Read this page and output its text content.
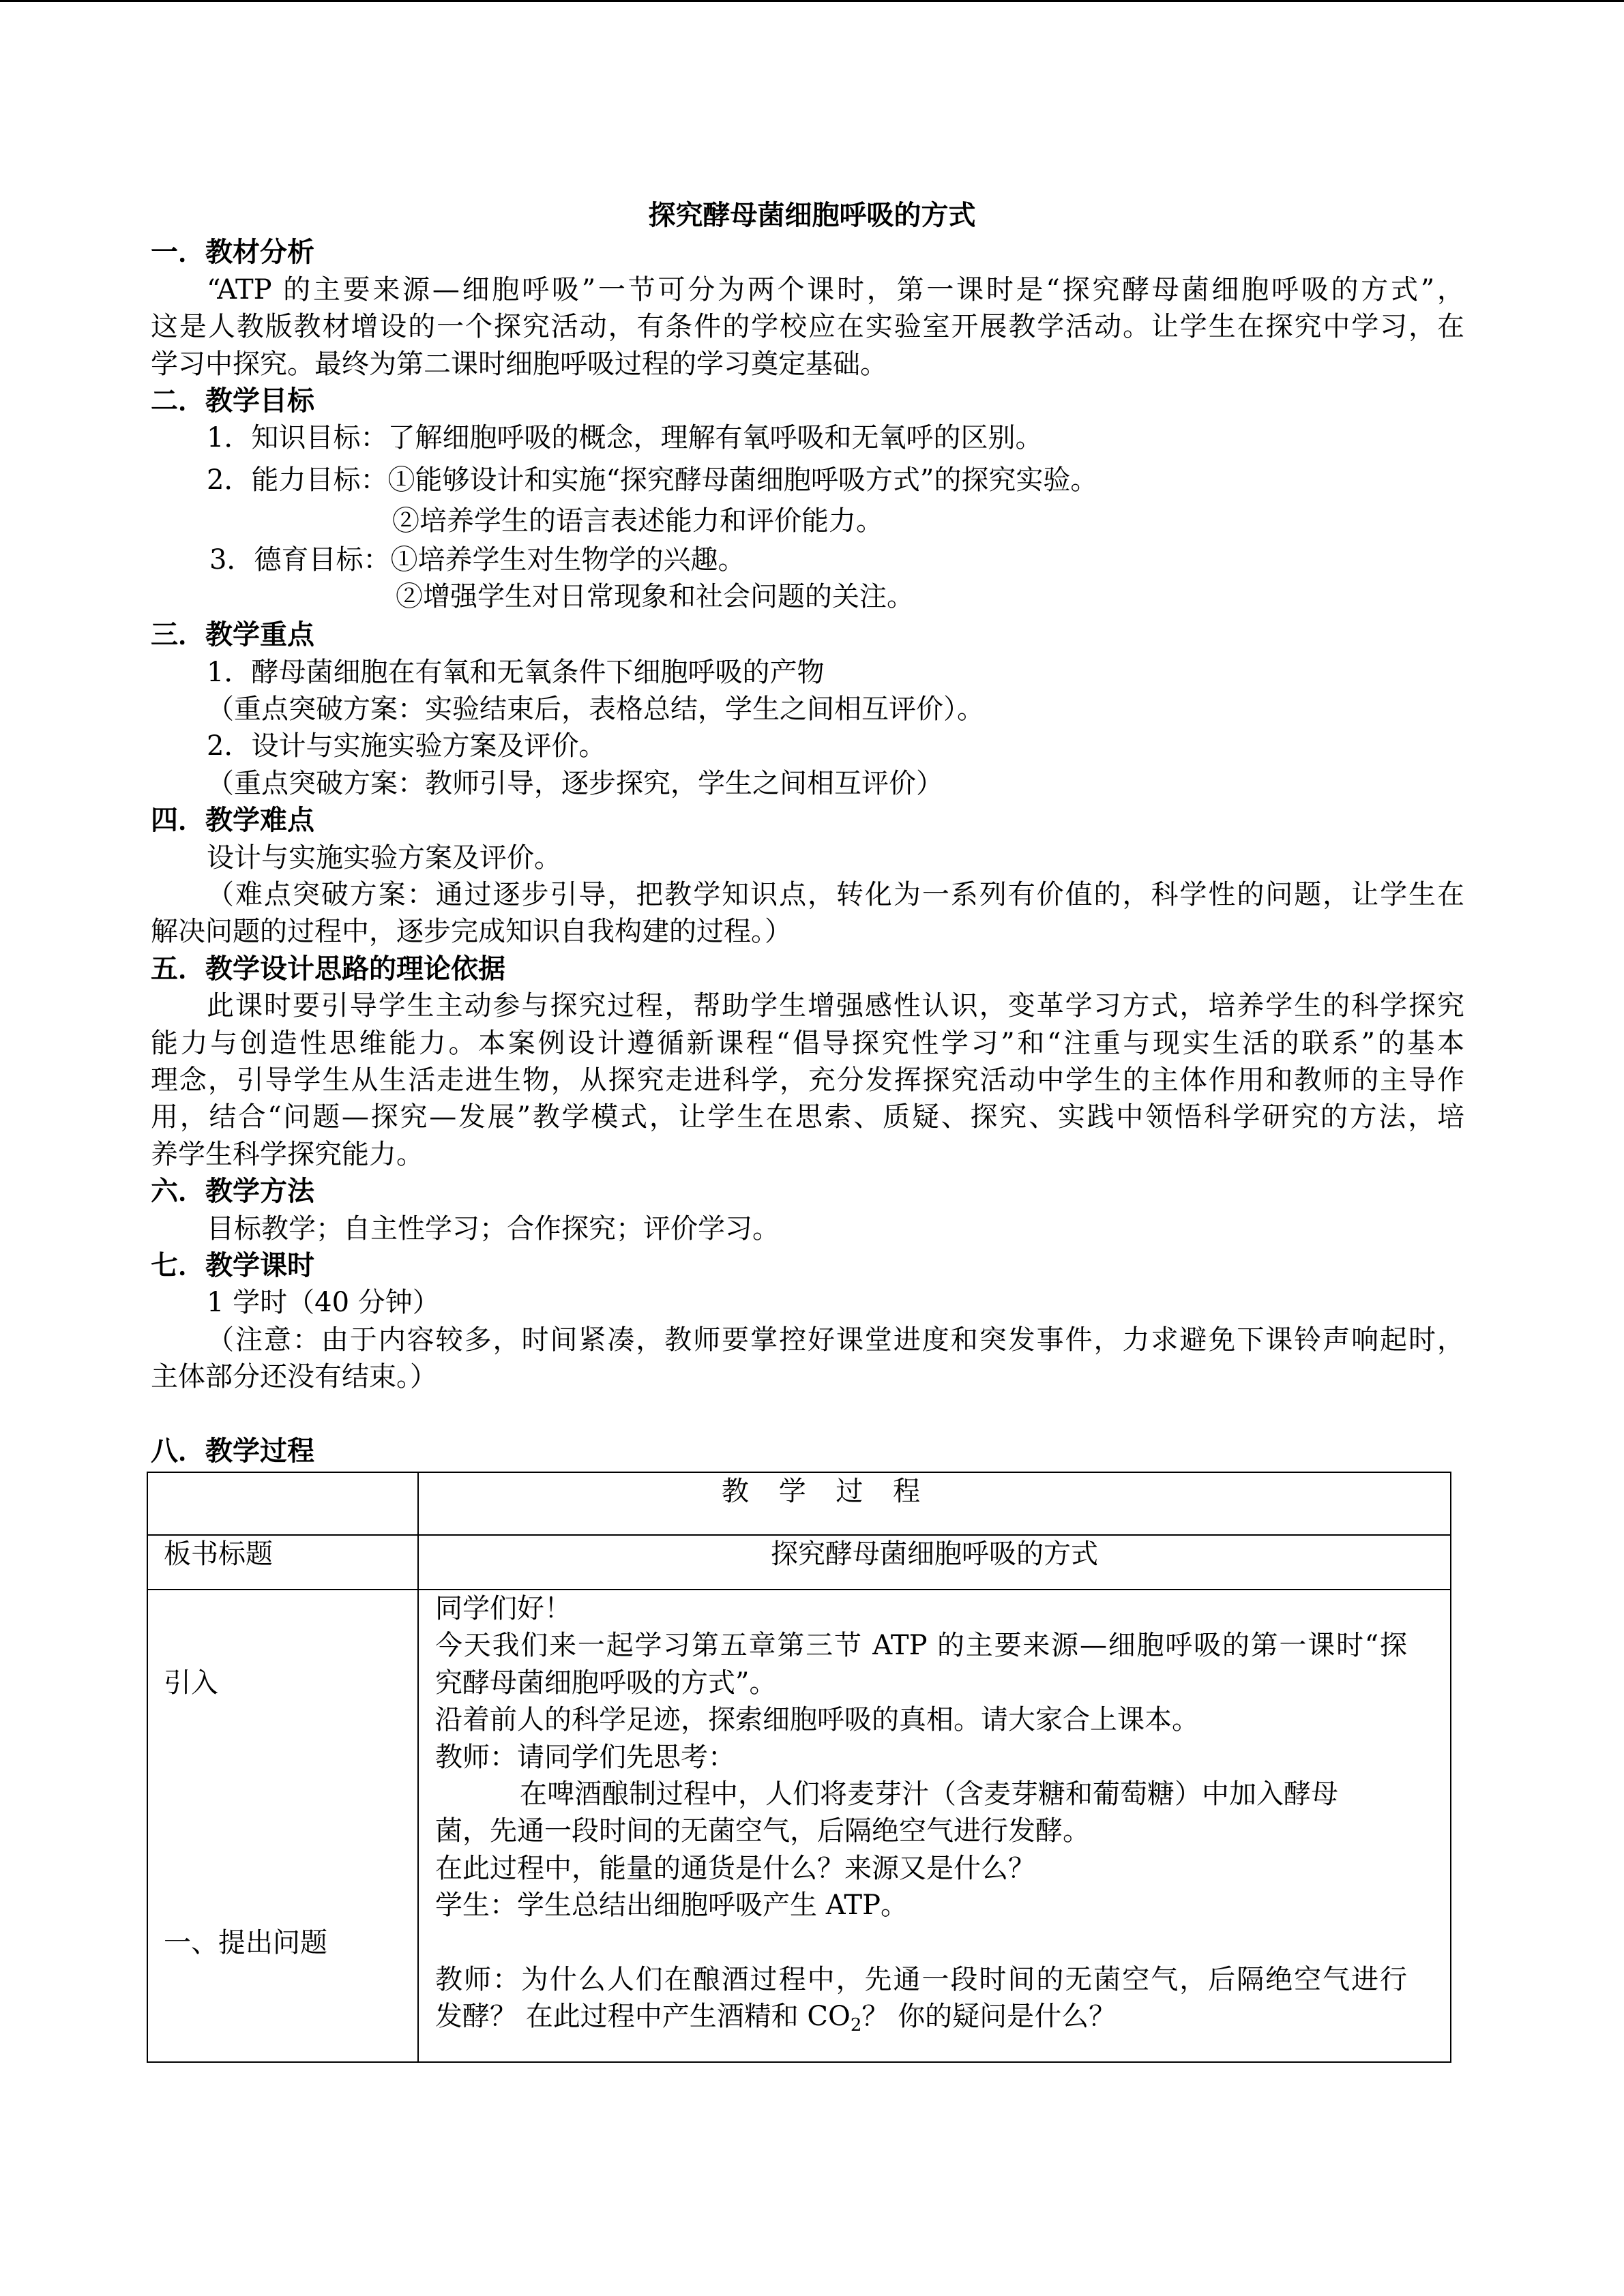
探究酵母菌细胞呼吸的方式
一．教材分析
“ATP 的主要来源—细胞呼吸”一节可分为两个课时，第一课时是“探究酵母菌细胞呼吸的方式”，
这是人教版教材增设的一个探究活动，有条件的学校应在实验室开展教学活动。让学生在探究中学习，在
学习中探究。最终为第二课时细胞呼吸过程的学习奠定基础。
二．教学目标
1．知识目标：了解细胞呼吸的概念，理解有氧呼吸和无氧呼的区别。
2．能力目标：①能够设计和实施“探究酵母菌细胞呼吸方式”的探究实验。
②培养学生的语言表述能力和评价能力。
3．德育目标：①培养学生对生物学的兴趣。
②增强学生对日常现象和社会问题的关注。
三．教学重点
1．酵母菌细胞在有氧和无氧条件下细胞呼吸的产物
（重点突破方案：实验结束后，表格总结，学生之间相互评价）。
2．设计与实施实验方案及评价。
（重点突破方案：教师引导，逐步探究，学生之间相互评价）
四．教学难点
设计与实施实验方案及评价。
（难点突破方案：通过逐步引导，把教学知识点，转化为一系列有价值的，科学性的问题，让学生在
解决问题的过程中，逐步完成知识自我构建的过程。）
五．教学设计思路的理论依据
此课时要引导学生主动参与探究过程，帮助学生增强感性认识，变革学习方式，培养学生的科学探究
能力与创造性思维能力。本案例设计遵循新课程“倡导探究性学习”和“注重与现实生活的联系”的基本
理念，引导学生从生活走进生物，从探究走进科学，充分发挥探究活动中学生的主体作用和教师的主导作
用，结合“问题—探究—发展”教学模式，让学生在思索、质疑、探究、实践中领悟科学研究的方法，培
养学生科学探究能力。
六．教学方法
目标教学；自主性学习；合作探究；评价学习。
七．教学课时
1 学时（40 分钟）
（注意：由于内容较多，时间紧凑，教师要掌控好课堂进度和突发事件，力求避免下课铃声响起时，
主体部分还没有结束。）
八．教学过程
教 学 过 程
板书标题	探究酵母菌细胞呼吸的方式
引入
一、提出问题
同学们好！
今天我们来一起学习第五章第三节 ATP 的主要来源—细胞呼吸的第一课时“探
究酵母菌细胞呼吸的方式”。
沿着前人的科学足迹，探索细胞呼吸的真相。请大家合上课本。
教师：请同学们先思考：
在啤酒酿制过程中，人们将麦芽汁（含麦芽糖和葡萄糖）中加入酵母
菌，先通一段时间的无菌空气，后隔绝空气进行发酵。
在此过程中，能量的通货是什么？来源又是什么？
学生：学生总结出细胞呼吸产生 ATP。
教师：为什么人们在酿酒过程中，先通一段时间的无菌空气，后隔绝空气进行
发酵？ 在此过程中产生酒精和 CO2？ 你的疑问是什么？
